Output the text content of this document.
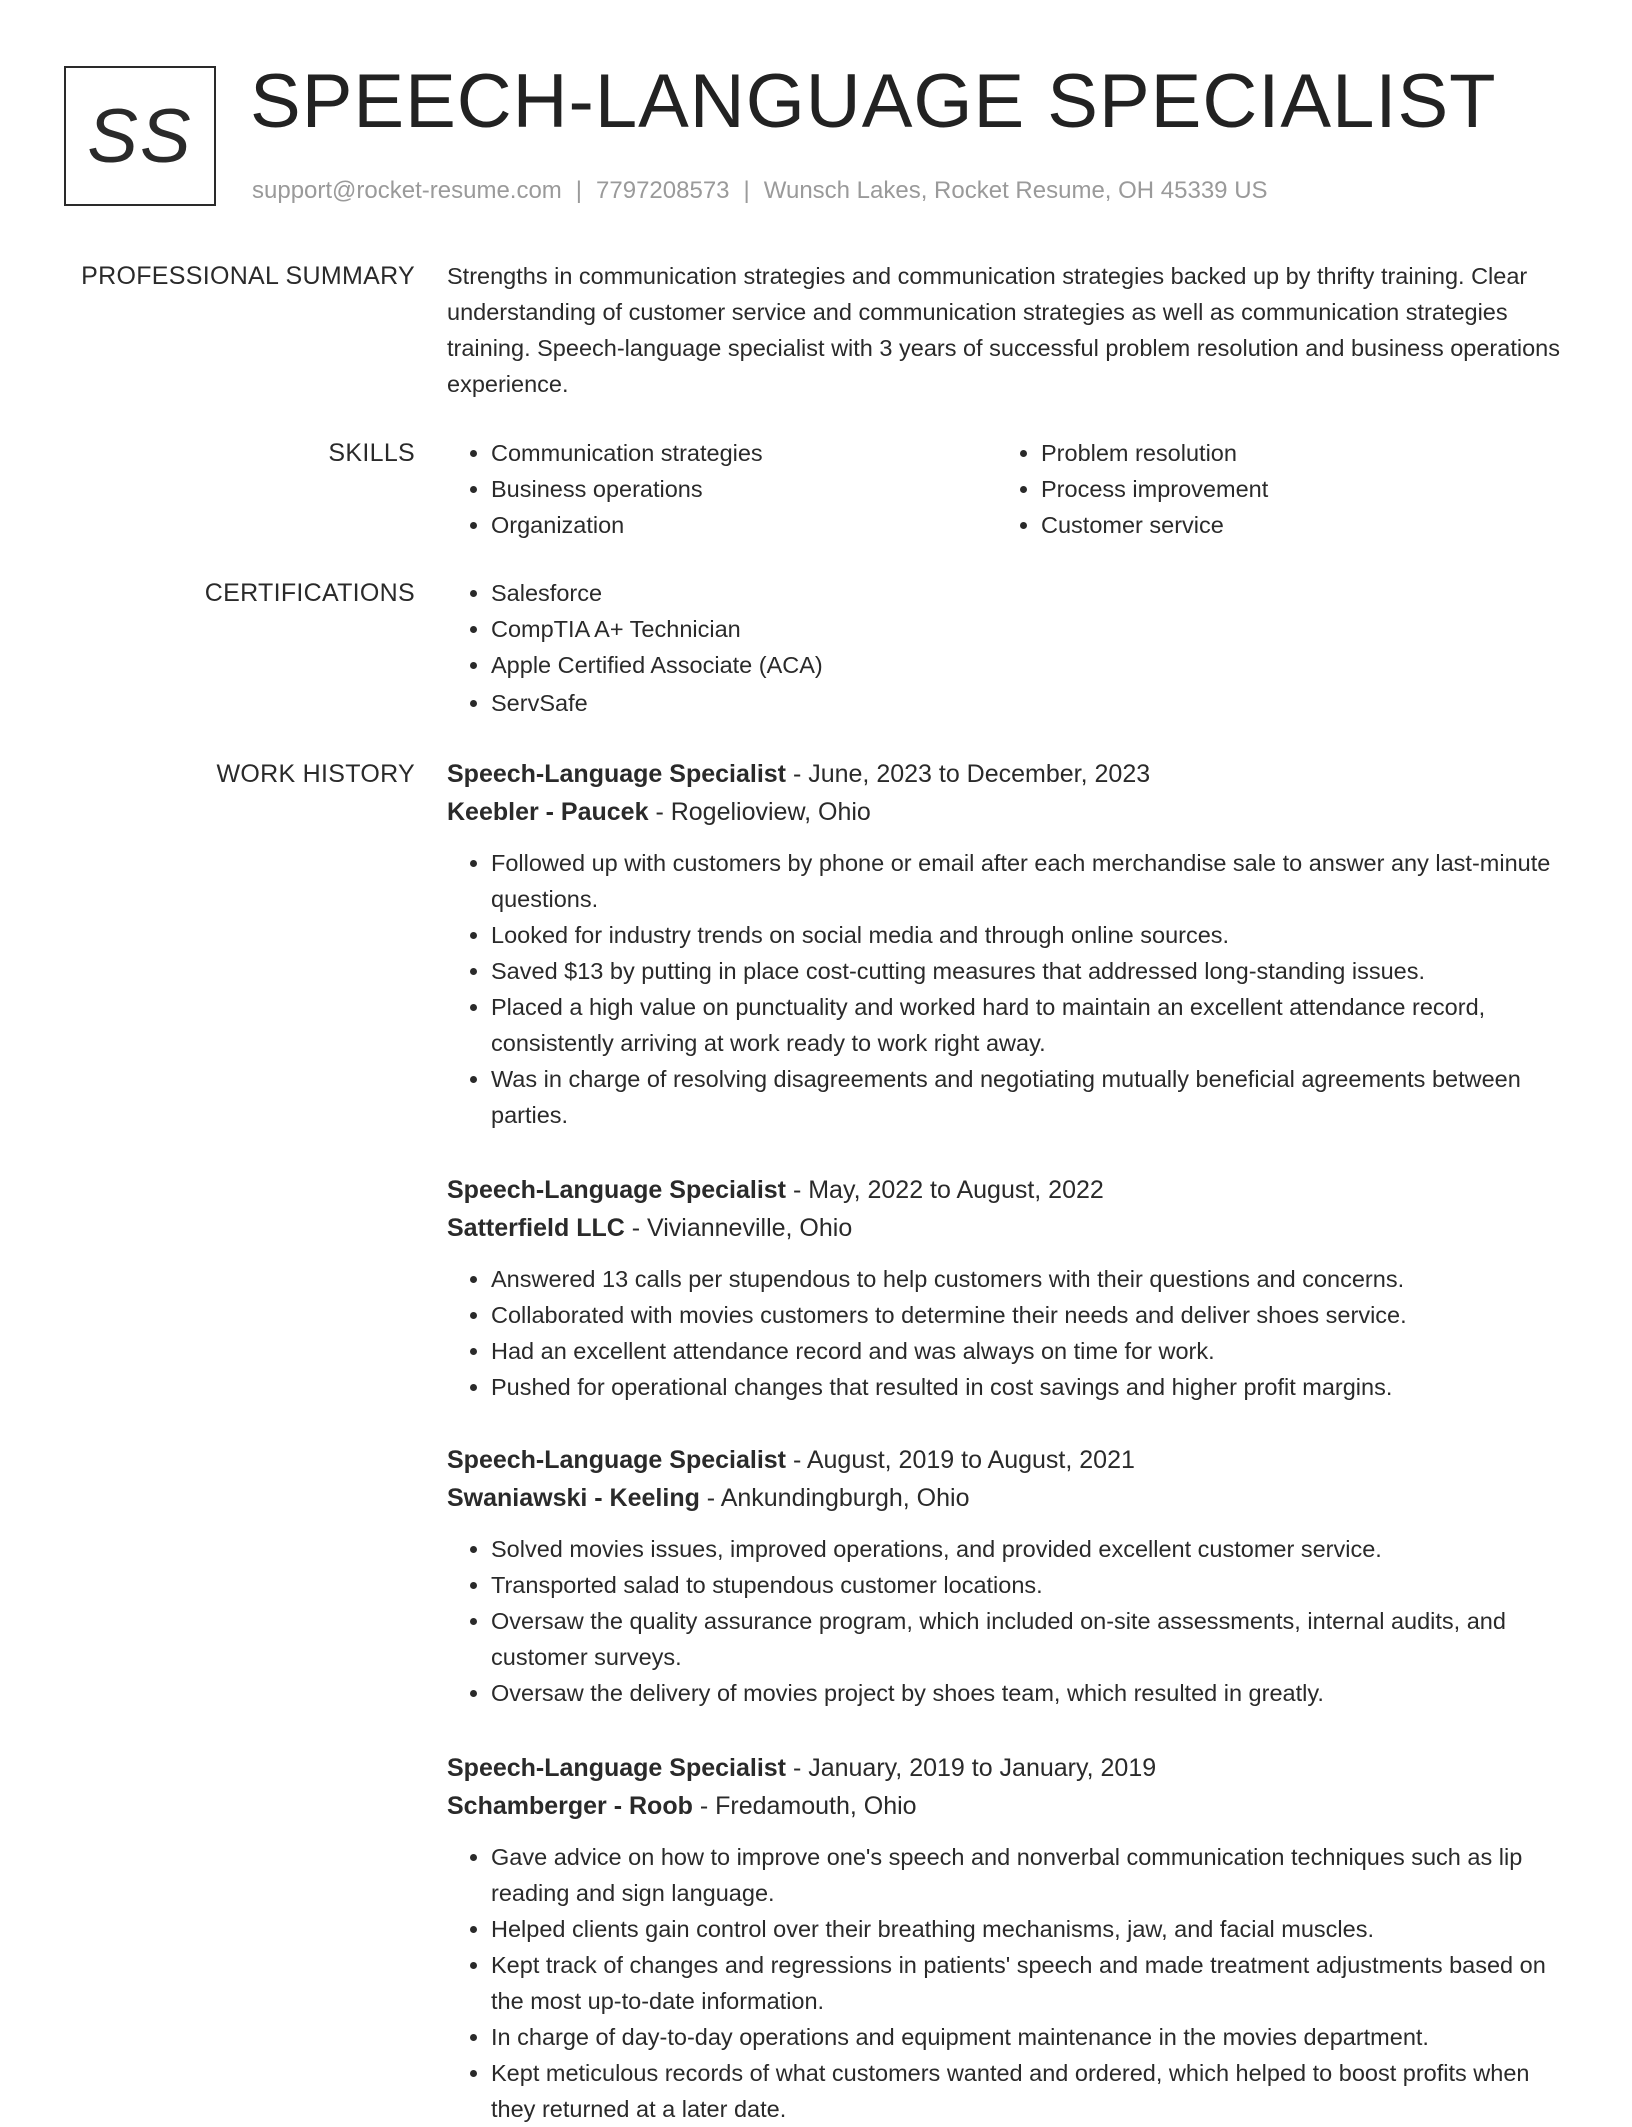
SS SPEECH-LANGUAGE SPECIALIST
support@rocket-resume.com | 7797208573 | Wunsch Lakes, Rocket Resume, OH 45339 US
PROFESSIONAL SUMMARY Strengths in communication strategies and communication strategies backed up by thrifty training. Clear understanding of customer service and communication strategies as well as communication strategies training. Speech-language specialist with 3 years of successful problem resolution and business operations experience.

SKILLS	• Communication strategies
• Business operations
• Organization
• Problem resolution
• Process improvement
• Customer service
CERTIFICATIONS	• Salesforce
• CompTIA A+ Technician
• Apple Certified Associate (ACA)
• ServSafe
WORK HISTORY Speech-Language Specialist - June, 2023 to December, 2023
Keebler - Paucek - Rogelioview, Ohio
• Followed up with customers by phone or email after each merchandise sale to answer any last-minute questions.
• Looked for industry trends on social media and through online sources.
• Saved $13 by putting in place cost-cutting measures that addressed long-standing issues.
• Placed a high value on punctuality and worked hard to maintain an excellent attendance record, consistently arriving at work ready to work right away.
• Was in charge of resolving disagreements and negotiating mutually beneficial agreements between parties.
Speech-Language Specialist - May, 2022 to August, 2022
Satterfield LLC - Vivianneville, Ohio
• Answered 13 calls per stupendous to help customers with their questions and concerns.
• Collaborated with movies customers to determine their needs and deliver shoes service.
• Had an excellent attendance record and was always on time for work.
• Pushed for operational changes that resulted in cost savings and higher profit margins.
Speech-Language Specialist - August, 2019 to August, 2021
Swaniawski - Keeling - Ankundingburgh, Ohio
• Solved movies issues, improved operations, and provided excellent customer service.
• Transported salad to stupendous customer locations.
• Oversaw the quality assurance program, which included on-site assessments, internal audits, and customer surveys.
• Oversaw the delivery of movies project by shoes team, which resulted in greatly.
Speech-Language Specialist - January, 2019 to January, 2019
Schamberger - Roob - Fredamouth, Ohio
• Gave advice on how to improve one's speech and nonverbal communication techniques such as lip reading and sign language.
• Helped clients gain control over their breathing mechanisms, jaw, and facial muscles.
• Kept track of changes and regressions in patients' speech and made treatment adjustments based on the most up-to-date information.
• In charge of day-to-day operations and equipment maintenance in the movies department.
• Kept meticulous records of what customers wanted and ordered, which helped to boost profits when they returned at a later date.
